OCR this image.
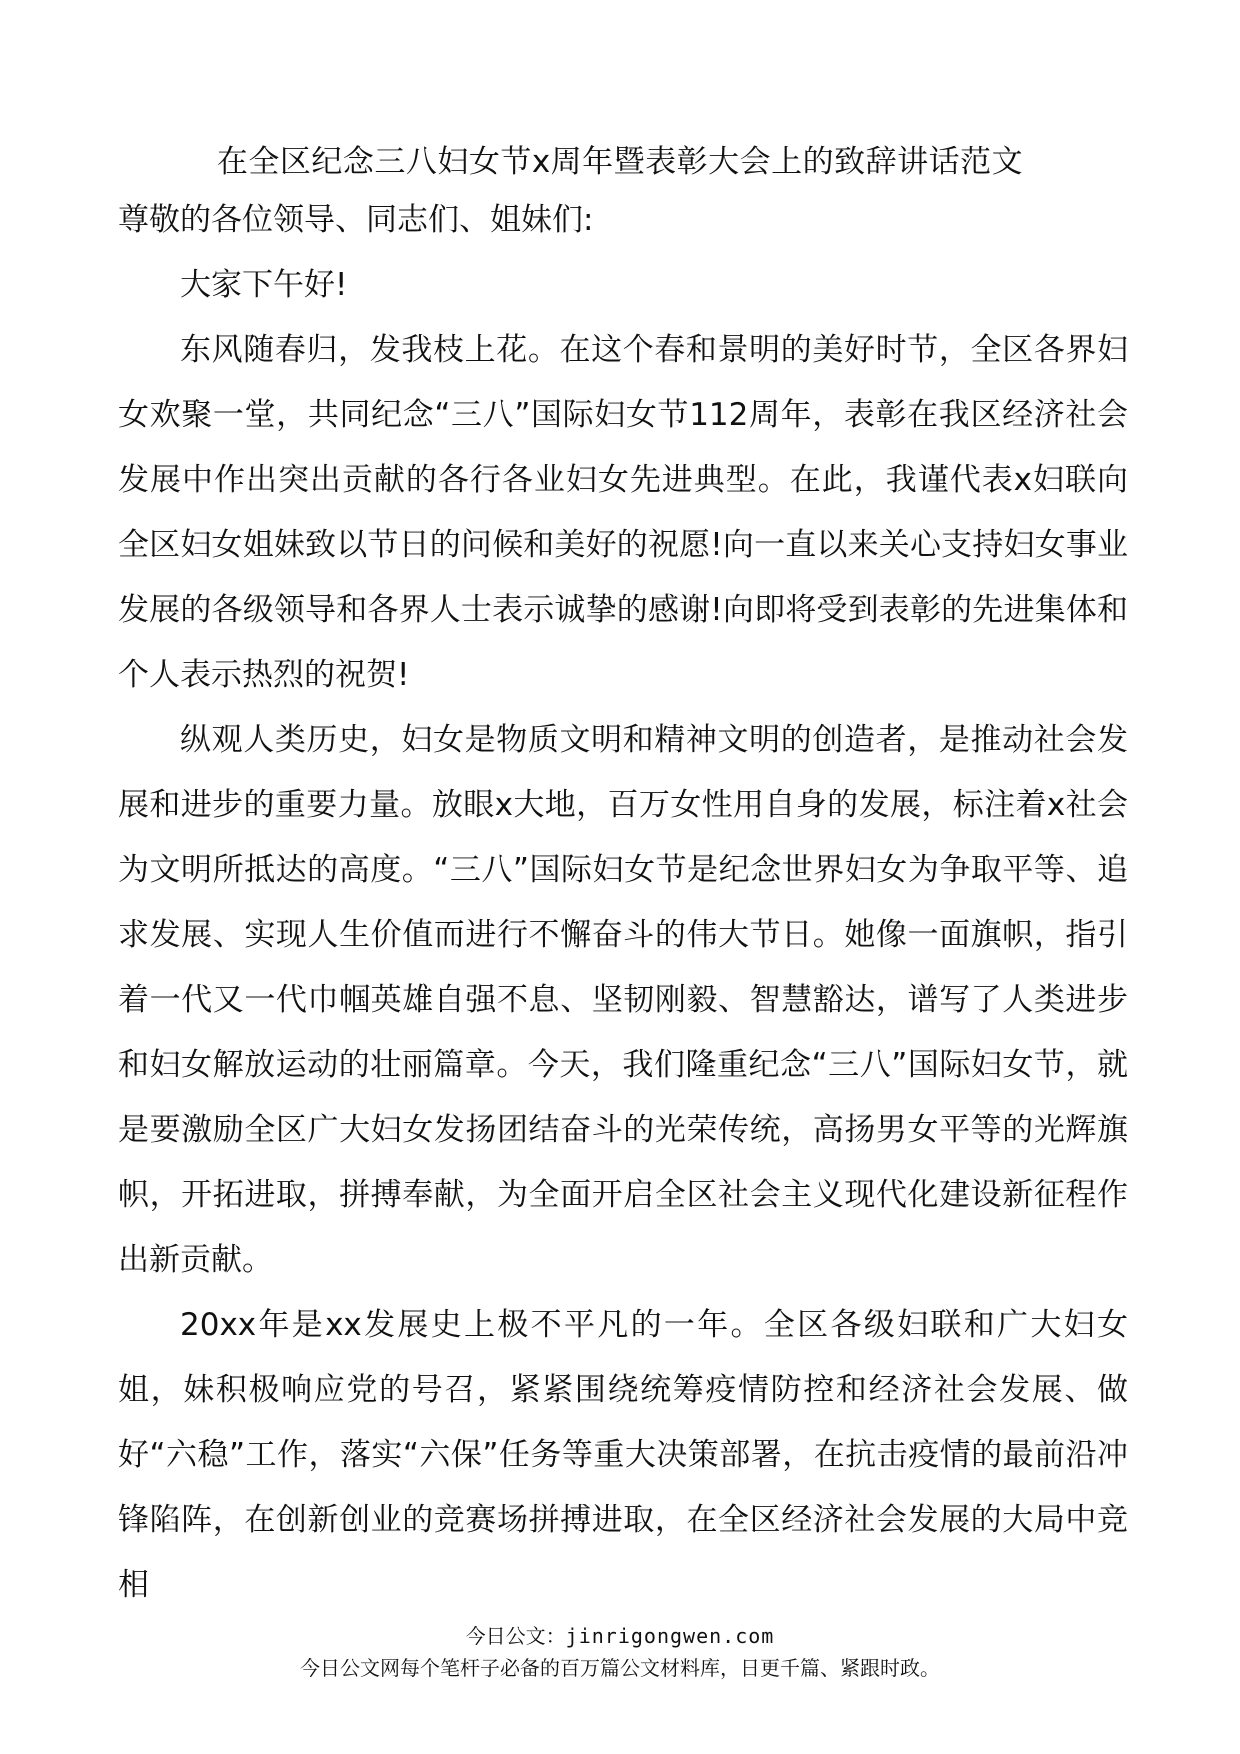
在全区纪念三八妇女节x周年暨表彰大会上的致辞讲话范文

尊敬的各位领导、同志们、姐妹们:

大家下午好!

东风随春归，发我枝上花。在这个春和景明的美好时节，全区各界妇女欢聚一堂，共同纪念“三八”国际妇女节112周年，表彰在我区经济社会发展中作出突出贡献的各行各业妇女先进典型。在此，我谨代表x妇联向全区妇女姐妹致以节日的问候和美好的祝愿!向一直以来关心支持妇女事业发展的各级领导和各界人士表示诚挚的感谢!向即将受到表彰的先进集体和个人表示热烈的祝贺!

纵观人类历史，妇女是物质文明和精神文明的创造者，是推动社会发展和进步的重要力量。放眼x大地，百万女性用自身的发展，标注着x社会为文明所抵达的高度。“三八”国际妇女节是纪念世界妇女为争取平等、追求发展、实现人生价值而进行不懈奋斗的伟大节日。她像一面旗帜，指引着一代又一代巾帼英雄自强不息、坚韧刚毅、智慧豁达，谱写了人类进步和妇女解放运动的壮丽篇章。今天，我们隆重纪念“三八”国际妇女节，就是要激励全区广大妇女发扬团结奋斗的光荣传统，高扬男女平等的光辉旗帜，开拓进取，拼搏奉献，为全面开启全区社会主义现代化建设新征程作出新贡献。

20xx年是xx发展史上极不平凡的一年。全区各级妇联和广大妇女姐，妹积极响应党的号召，紧紧围绕统筹疫情防控和经济社会发展、做好“六稳”工作，落实“六保”任务等重大决策部署，在抗击疫情的最前沿冲锋陷阵，在创新创业的竞赛场拼搏进取，在全区经济社会发展的大局中竞相

今日公文：jinrigongwen.com
今日公文网每个笔杆子必备的百万篇公文材料库，日更千篇、紧跟时政。
